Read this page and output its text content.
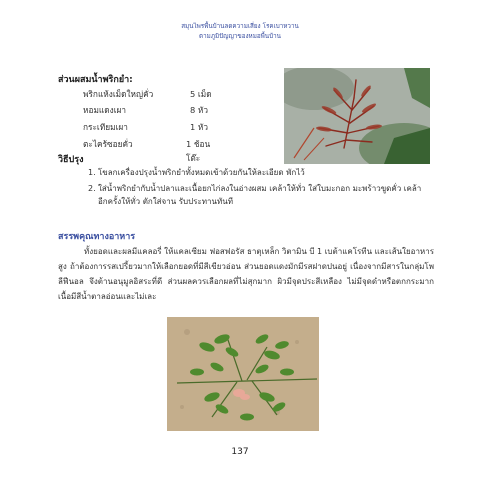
สมุนไพรพื้นบ้านลดความเสี่ยง โรคเบาหวาน
ตามภูมิปัญญาของหมอพื้นบ้าน
ส่วนผสมน้ำพริกยำ:
พริกแห้งเม็ดใหญ่คั่ว	5 เม็ด
หอมแดงเผา	8 หัว
กระเทียมเผา	1 หัว
ตะไคร้ซอยคั่ว	1 ช้อนโต๊ะ
วิธีปรุง
1. โขลกเครื่องปรุงน้ำพริกยำทั้งหมดเข้าด้วยกันให้ละเอียด พักไว้
2. ใส่น้ำพริกยำกับน้ำปลาและเนื้อยกไก่ลงในอ่างผสม เคล้าให้ทั่ว ใส่ใบมะกอก มะพร้าวขูดคั่ว เคล้าอีกครั้งให้ทั่ว ตักใส่จาน รับประทานทันที
สรรพคุณทางอาหาร
ทั้งยอดและผลมีแคลอรี่ ให้แคลเซียม ฟอสฟอรัส ธาตุเหล็ก วิตามิน บี 1 เบต้าแคโรทีน และเส้นใยอาหารสูง ถ้าต้องการรสเปรี้ยวมากให้เลือกยอดที่มีสีเขียวอ่อน ส่วนยอดแดงมักมีรสฝาดปนอยู่ เนื่องจากมีสารในกลุ่มโพลีฟีนอล จึงต้านอนุมูลอิสระที่ดี ส่วนผลควรเลือกผลที่ไม่สุกมาก ผิวมีจุดประสีเหลือง ไม่มีจุดดำหรือตกกระมาก เนื้อมีสีน้ำตาลอ่อนและไม่เละ
137
